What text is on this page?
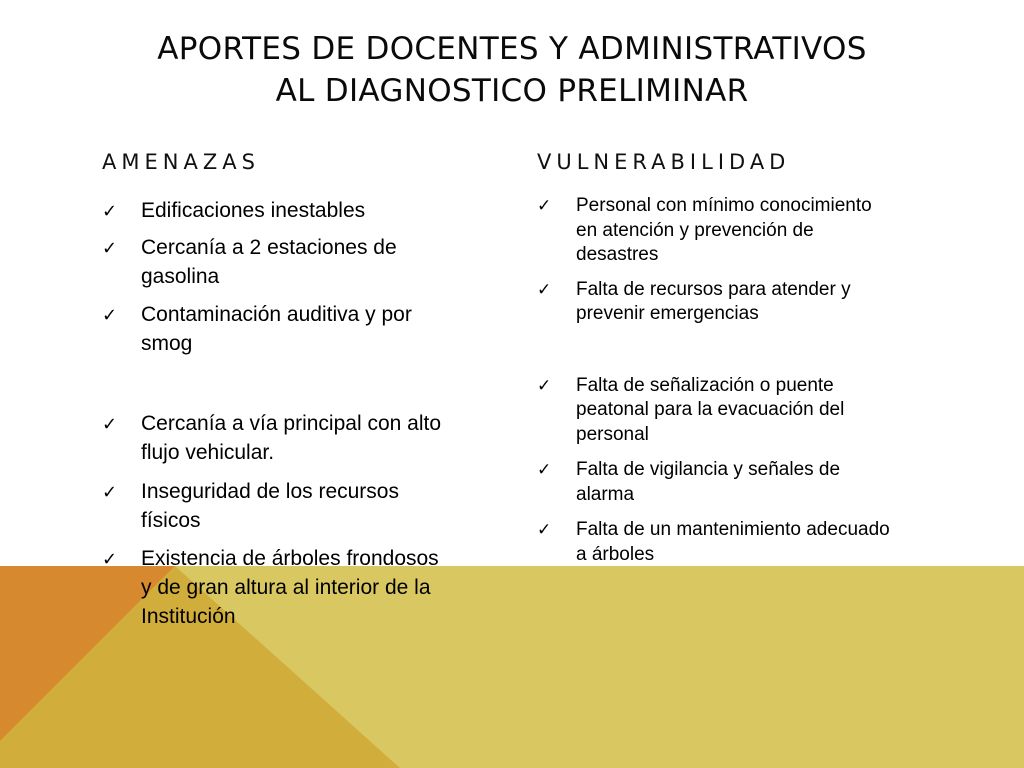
APORTES DE DOCENTES Y ADMINISTRATIVOS
AL DIAGNOSTICO PRELIMINAR
AMENAZAS	VULNERABILIDAD
✓ Edificaciones inestables
✓ Cercanía a 2 estaciones de gasolina
✓ Contaminación auditiva y por smog
✓ Cercanía a vía principal con alto flujo vehicular.
✓ Inseguridad de los recursos físicos
✓ Existencia de árboles frondosos y de gran altura al interior de la Institución
✓ Personal con mínimo conocimiento en atención y prevención de desastres
✓ Falta de recursos para atender y prevenir emergencias
✓ Falta de señalización o puente peatonal para la evacuación del personal
✓ Falta de vigilancia y señales de alarma
✓ Falta de un mantenimiento adecuado a árboles
